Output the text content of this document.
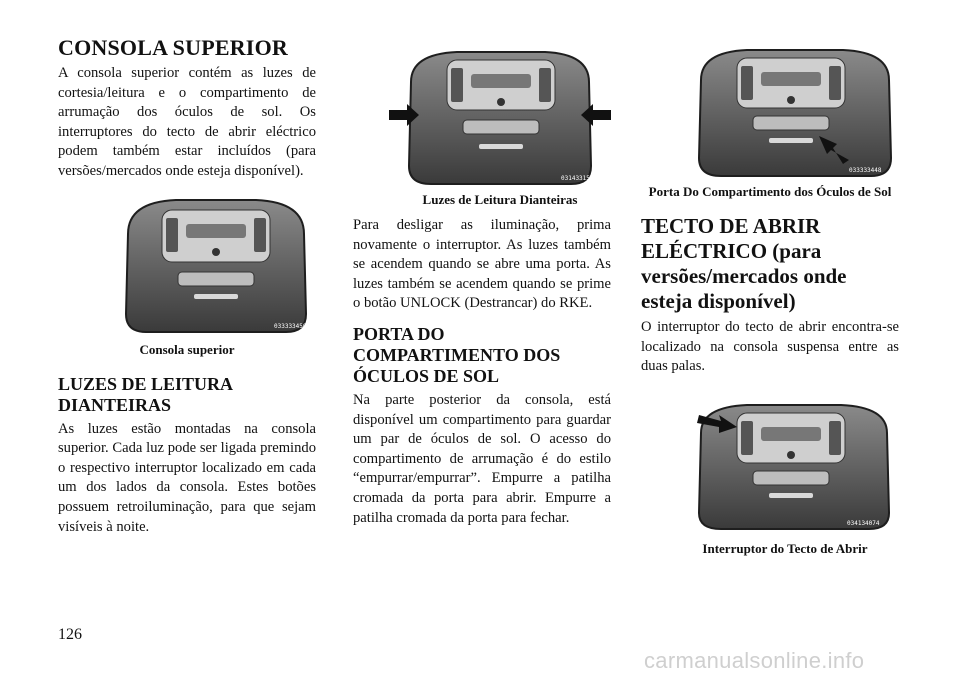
CONSOLA SUPERIOR

A consola superior contém as luzes de cortesia/leitura e o compartimento de arrumação dos óculos de sol. Os interruptores do tecto de abrir eléctrico podem também estar incluídos (para versões/mercados onde esteja disponível).

033333450
Consola superior
LUZES DE LEITURA DIANTEIRAS

As luzes estão montadas na consola superior. Cada luz pode ser ligada premindo o respectivo interruptor localizado em cada um dos lados da consola. Estes botões possuem retroiluminação, para que sejam visíveis à noite.

031433150
Luzes de Leitura Dianteiras

Para desligar as iluminação, prima novamente o interruptor. As luzes também se acendem quando se abre uma porta. As luzes também se acendem quando se prime o botão UNLOCK (Destrancar) do RKE.

PORTA DO COMPARTIMENTO DOS ÓCULOS DE SOL

Na parte posterior da consola, está disponível um compartimento para guardar um par de óculos de sol. O acesso do compartimento de arrumação é do estilo “empurrar/empurrar”. Empurre a patilha cromada da porta para abrir. Empurre a patilha cromada da porta para fechar.

033333448
Porta Do Compartimento dos Óculos de Sol
TECTO DE ABRIR ELÉCTRICO (para versões/mercados onde esteja disponível)

O interruptor do tecto de abrir encontra-se localizado na consola suspensa entre as duas palas.

034134074
Interruptor do Tecto de Abrir
126
carmanualsonline.info
